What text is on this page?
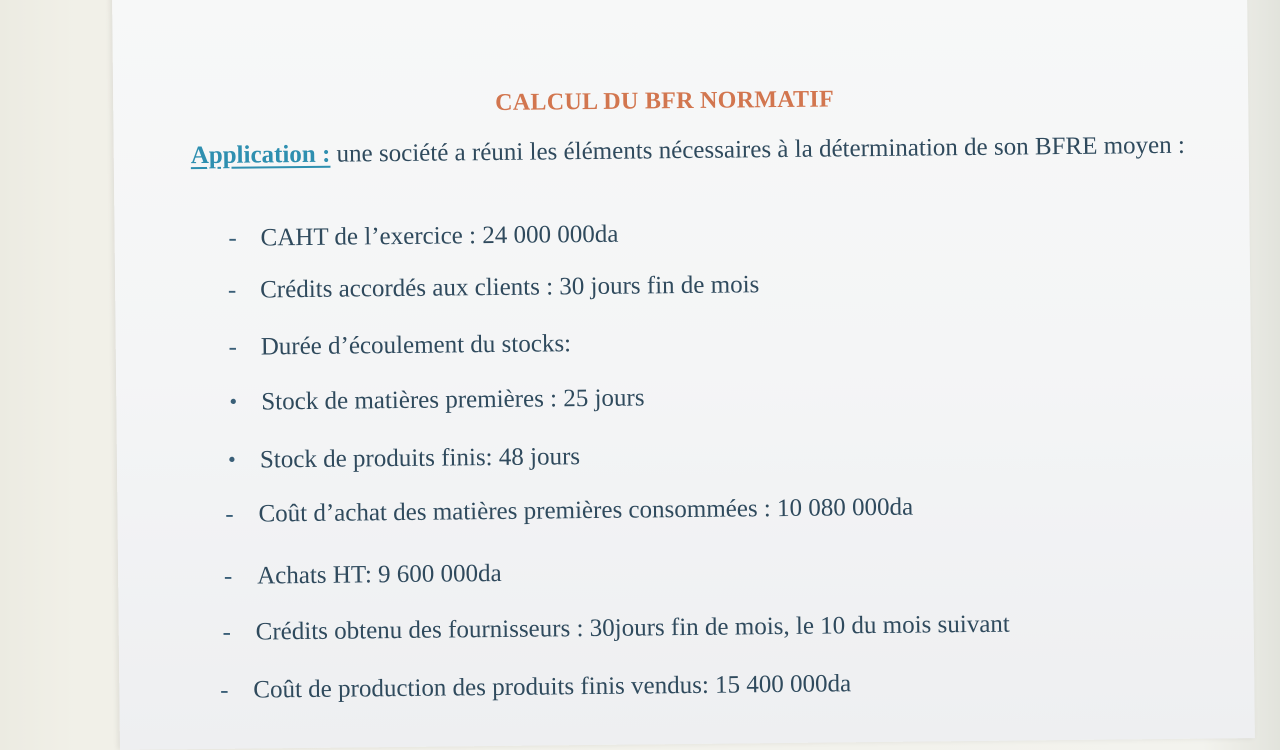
CALCUL DU BFR NORMATIF

Application : une société a réuni les éléments nécessaires à la détermination de son BFRE moyen :

- CAHT de l’exercice : 24 000 000da
- Crédits accordés aux clients : 30 jours fin de mois
- Durée d’écoulement du stocks:
• Stock de matières premières : 25 jours
• Stock de produits finis: 48 jours
- Coût d’achat des matières premières consommées : 10 080 000da
- Achats HT: 9 600 000da
- Crédits obtenu des fournisseurs : 30jours fin de mois, le 10 du mois suivant
- Coût de production des produits finis vendus: 15 400 000da
